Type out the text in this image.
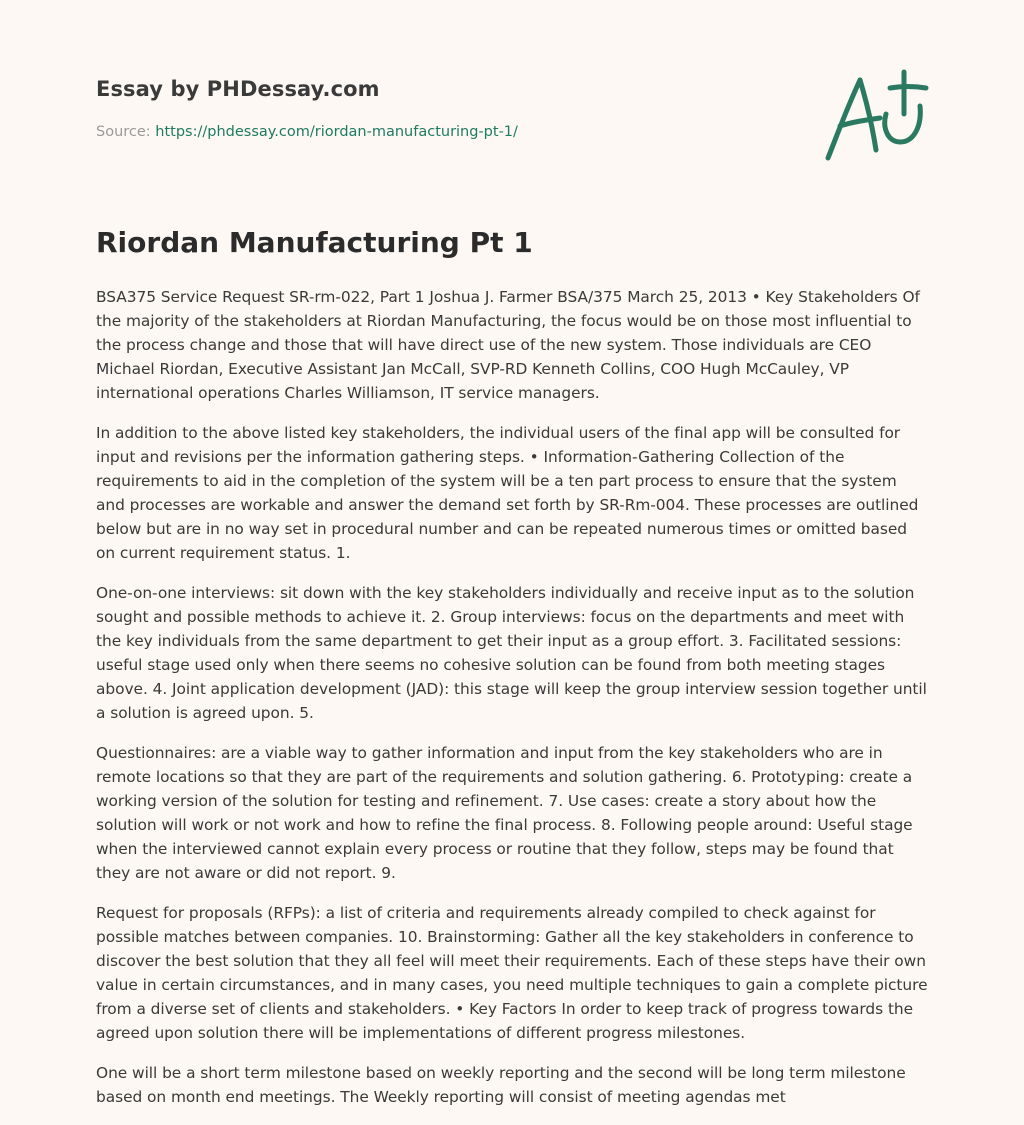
Essay by PHDessay.com
Source: https://phdessay.com/riordan-manufacturing-pt-1/
Riordan Manufacturing Pt 1

BSA375 Service Request SR-rm-022, Part 1 Joshua J. Farmer BSA/375 March 25, 2013 • Key Stakeholders Of the majority of the stakeholders at Riordan Manufacturing, the focus would be on those most influential to the process change and those that will have direct use of the new system. Those individuals are CEO Michael Riordan, Executive Assistant Jan McCall, SVP-RD Kenneth Collins, COO Hugh McCauley, VP international operations Charles Williamson, IT service managers.

In addition to the above listed key stakeholders, the individual users of the final app will be consulted for input and revisions per the information gathering steps. • Information-Gathering Collection of the requirements to aid in the completion of the system will be a ten part process to ensure that the system and processes are workable and answer the demand set forth by SR-Rm-004. These processes are outlined below but are in no way set in procedural number and can be repeated numerous times or omitted based on current requirement status. 1.

One-on-one interviews: sit down with the key stakeholders individually and receive input as to the solution sought and possible methods to achieve it. 2. Group interviews: focus on the departments and meet with the key individuals from the same department to get their input as a group effort. 3. Facilitated sessions: useful stage used only when there seems no cohesive solution can be found from both meeting stages above. 4. Joint application development (JAD): this stage will keep the group interview session together until a solution is agreed upon. 5.

Questionnaires: are a viable way to gather information and input from the key stakeholders who are in remote locations so that they are part of the requirements and solution gathering. 6. Prototyping: create a working version of the solution for testing and refinement. 7. Use cases: create a story about how the solution will work or not work and how to refine the final process. 8. Following people around: Useful stage when the interviewed cannot explain every process or routine that they follow, steps may be found that they are not aware or did not report. 9.

Request for proposals (RFPs): a list of criteria and requirements already compiled to check against for possible matches between companies. 10. Brainstorming: Gather all the key stakeholders in conference to discover the best solution that they all feel will meet their requirements. Each of these steps have their own value in certain circumstances, and in many cases, you need multiple techniques to gain a complete picture from a diverse set of clients and stakeholders. • Key Factors In order to keep track of progress towards the agreed upon solution there will be implementations of different progress milestones.

One will be a short term milestone based on weekly reporting and the second will be long term milestone based on month end meetings. The Weekly reporting will consist of meeting agendas met
